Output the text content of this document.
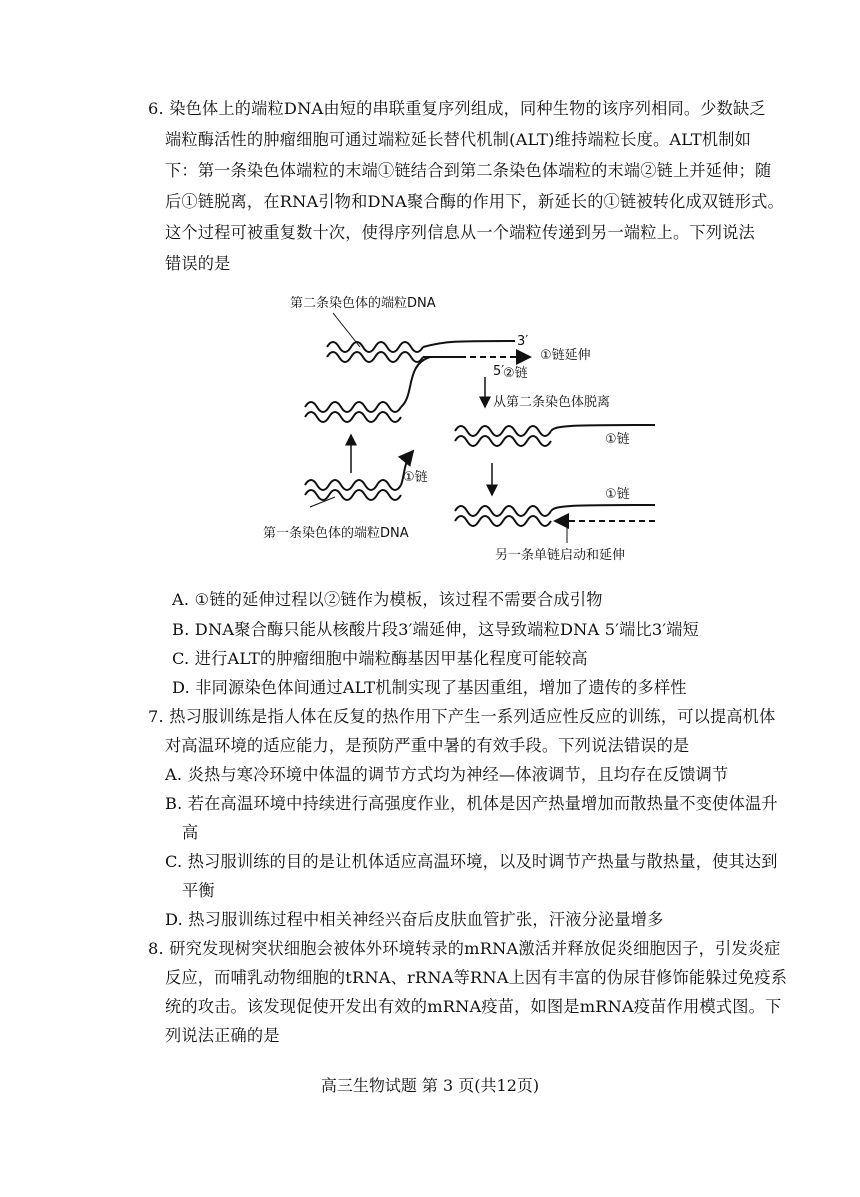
6. 染色体上的端粒DNA由短的串联重复序列组成，同种生物的该序列相同。少数缺乏
端粒酶活性的肿瘤细胞可通过端粒延长替代机制(ALT)维持端粒长度。ALT机制如
下：第一条染色体端粒的末端①链结合到第二条染色体端粒的末端②链上并延伸；随
后①链脱离，在RNA引物和DNA聚合酶的作用下，新延长的①链被转化成双链形式。
这个过程可被重复数十次，使得序列信息从一个端粒传递到另一端粒上。下列说法
错误的是
第二条染色体的端粒DNA
3′
①链延伸
5′
②链
从第二条染色体脱离
①链
①链
第一条染色体的端粒DNA
①链
另一条单链启动和延伸
A. ①链的延伸过程以②链作为模板，该过程不需要合成引物
B. DNA聚合酶只能从核酸片段3′端延伸，这导致端粒DNA 5′端比3′端短
C. 进行ALT的肿瘤细胞中端粒酶基因甲基化程度可能较高
D. 非同源染色体间通过ALT机制实现了基因重组，增加了遗传的多样性
7. 热习服训练是指人体在反复的热作用下产生一系列适应性反应的训练，可以提高机体
对高温环境的适应能力，是预防严重中暑的有效手段。下列说法错误的是
A. 炎热与寒冷环境中体温的调节方式均为神经—体液调节，且均存在反馈调节
B. 若在高温环境中持续进行高强度作业，机体是因产热量增加而散热量不变使体温升
高
C. 热习服训练的目的是让机体适应高温环境，以及时调节产热量与散热量，使其达到
平衡
D. 热习服训练过程中相关神经兴奋后皮肤血管扩张，汗液分泌量增多
8. 研究发现树突状细胞会被体外环境转录的mRNA激活并释放促炎细胞因子，引发炎症
反应，而哺乳动物细胞的tRNA、rRNA等RNA上因有丰富的伪尿苷修饰能躲过免疫系
统的攻击。该发现促使开发出有效的mRNA疫苗，如图是mRNA疫苗作用模式图。下
列说法正确的是
高三生物试题 第 3 页(共12页)
